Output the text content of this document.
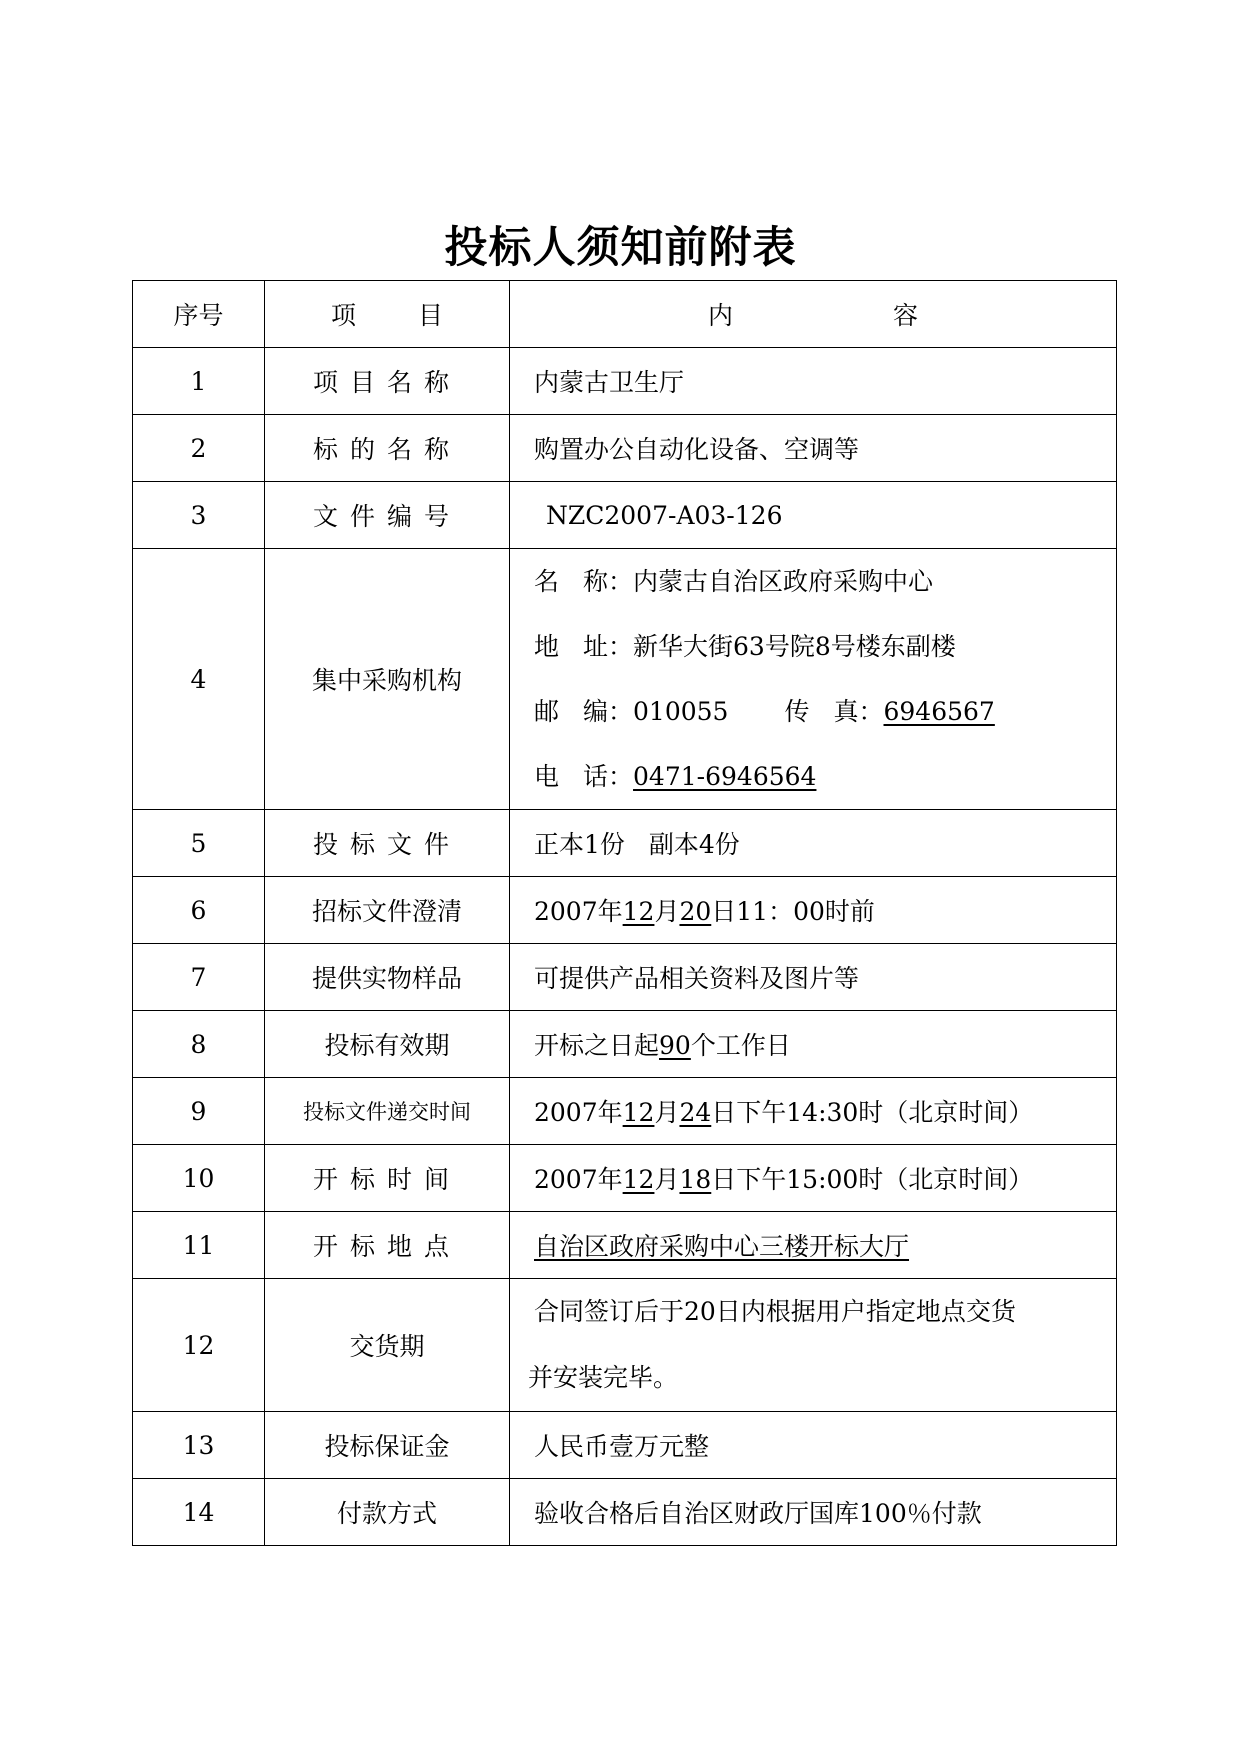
投标人须知前附表
序号	项 目	内 容
1	项目名称	内蒙古卫生厅
2	标的名称	购置办公自动化设备、空调等
3	文件编号	NZC2007-A03-126
4	集中采购机构	名 称：内蒙古自治区政府采购中心
地 址：新华大街63号院8号楼东副楼
邮 编：010055 传 真：6946567
电 话：0471-6946564

5	投标文件	正本1份 副本4份
6	招标文件澄清	2007年12月20日11：00时前
7	提供实物样品	可提供产品相关资料及图片等
8	投标有效期	开标之日起90个工作日
9	投标文件递交时间	2007年12月24日下午14:30时（北京时间）
10	开标时间	2007年12月18日下午15:00时（北京时间）
11	开标地点	自治区政府采购中心三楼开标大厅
12	交货期	合同签订后于20日内根据用户指定地点交货
并安装完毕。

13	投标保证金	人民币壹万元整
14	付款方式	验收合格后自治区财政厅国库100％付款
